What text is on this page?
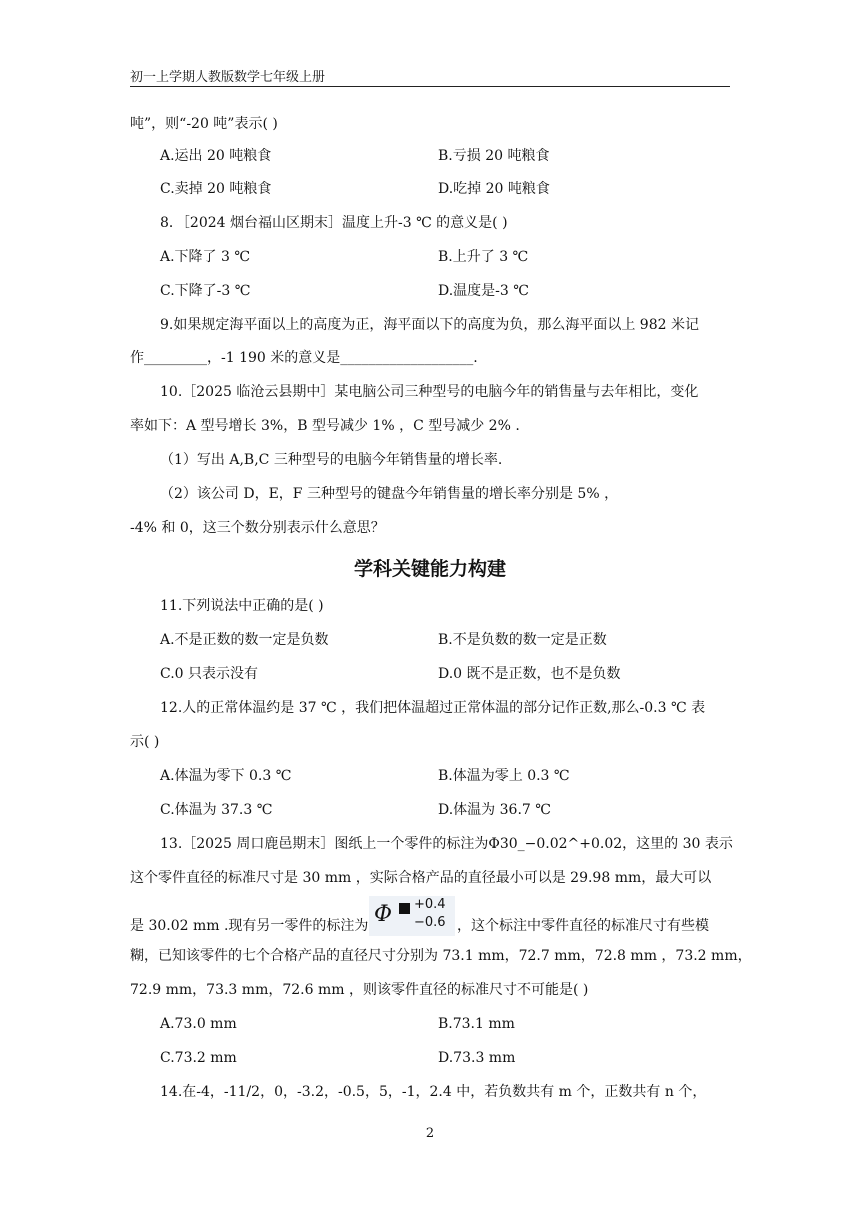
初一上学期人教版数学七年级上册
吨”，则“-20 吨”表示( )
A.运出 20 吨粮食	B.亏损 20 吨粮食
C.卖掉 20 吨粮食	D.吃掉 20 吨粮食
8．［2024 烟台福山区期末］温度上升-3 ℃ 的意义是( )
A.下降了 3 ℃	B.上升了 3 ℃
C.下降了-3 ℃	D.温度是-3 ℃
9.如果规定海平面以上的高度为正，海平面以下的高度为负，那么海平面以上 982 米记
作_________，-1 190 米的意义是___________________.
10.［2025 临沧云县期中］某电脑公司三种型号的电脑今年的销售量与去年相比，变化
率如下：A 型号增长 3%，B 型号减少 1% ，C 型号减少 2% .
（1）写出 A,B,C 三种型号的电脑今年销售量的增长率.
（2）该公司 D，E，F 三种型号的键盘今年销售量的增长率分别是 5% ，
-4% 和 0，这三个数分别表示什么意思？
学科关键能力构建
11.下列说法中正确的是( )
A.不是正数的数一定是负数	B.不是负数的数一定是正数
C.0 只表示没有	D.0 既不是正数，也不是负数
12.人的正常体温约是 37 ℃ ，我们把体温超过正常体温的部分记作正数,那么-0.3 ℃ 表
示( )
A.体温为零下 0.3 ℃	B.体温为零上 0.3 ℃
C.体温为 37.3 ℃	D.体温为 36.7 ℃
13.［2025 周口鹿邑期末］图纸上一个零件的标注为Φ30_−0.02^+0.02，这里的 30 表示
这个零件直径的标准尺寸是 30 mm ，实际合格产品的直径最小可以是 29.98 mm，最大可以
是 30.02 mm .现有另一零件的标注为 Φ +0.4
−0.6 ，这个标注中零件直径的标准尺寸有些模
糊，已知该零件的七个合格产品的直径尺寸分别为 73.1 mm，72.7 mm，72.8 mm ，73.2 mm，
72.9 mm，73.3 mm，72.6 mm ，则该零件直径的标准尺寸不可能是( )
A.73.0 mm	B.73.1 mm
C.73.2 mm	D.73.3 mm
14.在-4，-11/2，0，-3.2，-0.5，5，-1，2.4 中，若负数共有 m 个，正数共有 n 个，
2
